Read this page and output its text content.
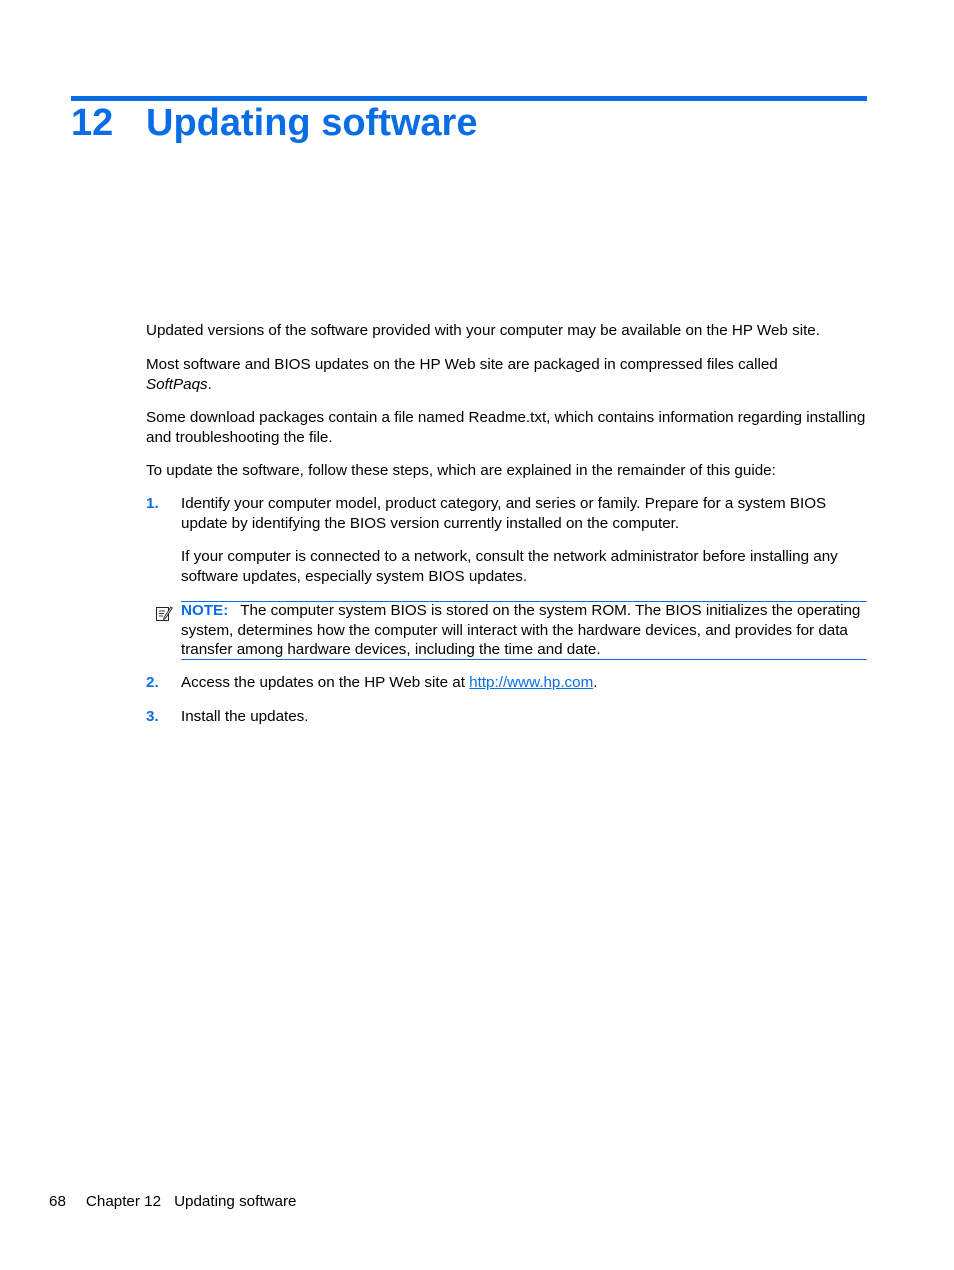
12 Updating software

Updated versions of the software provided with your computer may be available on the HP Web site.

Most software and BIOS updates on the HP Web site are packaged in compressed files called
SoftPaqs.

Some download packages contain a file named Readme.txt, which contains information regarding installing and troubleshooting the file.

To update the software, follow these steps, which are explained in the remainder of this guide:

1. Identify your computer model, product category, and series or family. Prepare for a system BIOS update by identifying the BIOS version currently installed on the computer.
If your computer is connected to a network, consult the network administrator before installing any software updates, especially system BIOS updates.
NOTE: The computer system BIOS is stored on the system ROM. The BIOS initializes the operating system, determines how the computer will interact with the hardware devices, and provides for data transfer among hardware devices, including the time and date.
2. Access the updates on the HP Web site at http://www.hp.com.
3. Install the updates.
68 Chapter 12 Updating software
